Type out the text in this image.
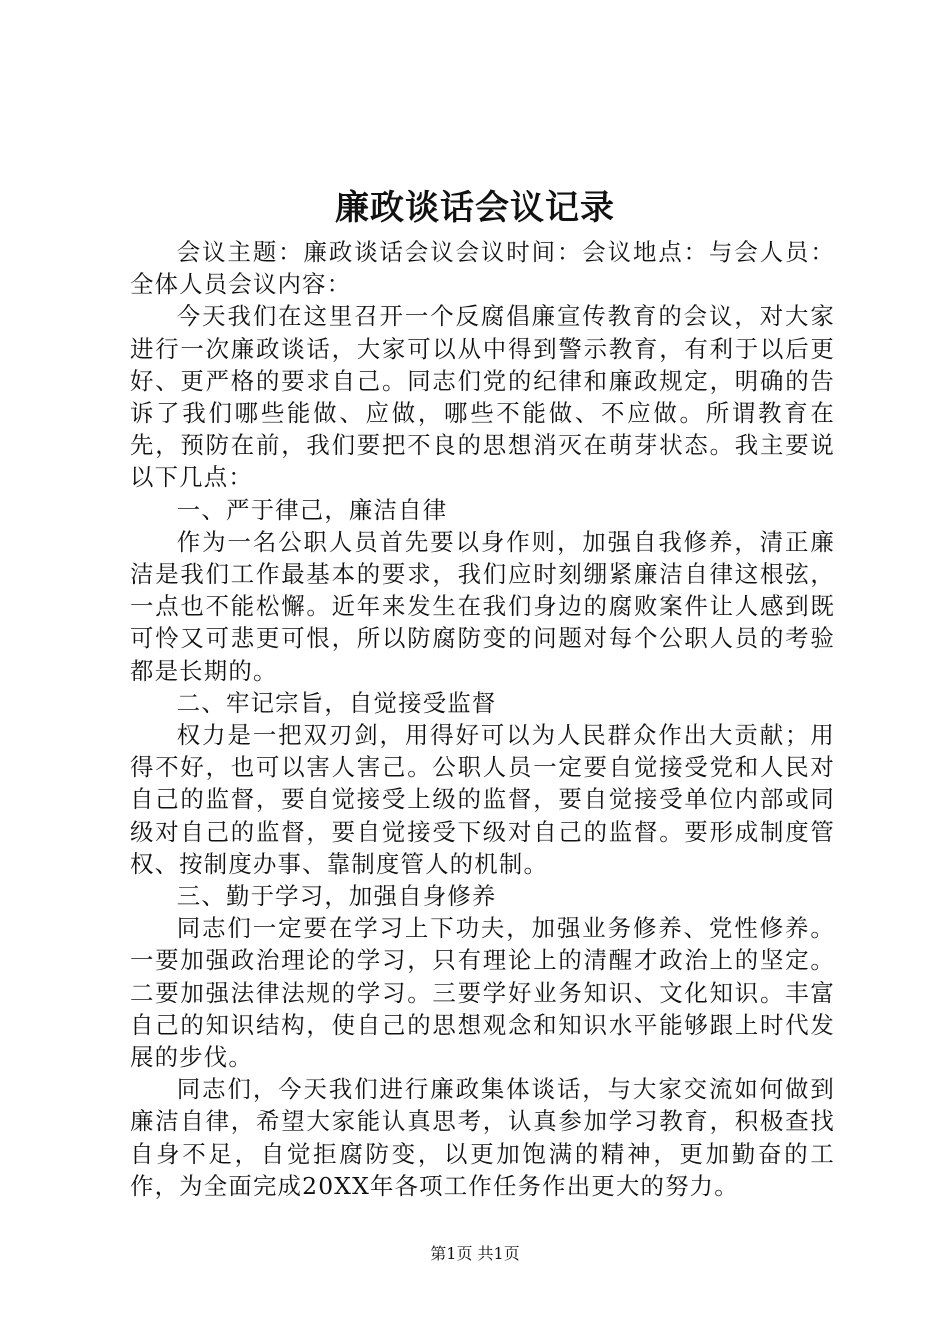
廉政谈话会议记录

会议主题：廉政谈话会议会议时间：会议地点：与会人员：全体人员会议内容：

今天我们在这里召开一个反腐倡廉宣传教育的会议，对大家进行一次廉政谈话，大家可以从中得到警示教育，有利于以后更好、更严格的要求自己。同志们党的纪律和廉政规定，明确的告诉了我们哪些能做、应做，哪些不能做、不应做。所谓教育在先，预防在前，我们要把不良的思想消灭在萌芽状态。我主要说以下几点：

一、严于律己，廉洁自律

作为一名公职人员首先要以身作则，加强自我修养，清正廉洁是我们工作最基本的要求，我们应时刻绷紧廉洁自律这根弦，一点也不能松懈。近年来发生在我们身边的腐败案件让人感到既可怜又可悲更可恨，所以防腐防变的问题对每个公职人员的考验都是长期的。

二、牢记宗旨，自觉接受监督

权力是一把双刃剑，用得好可以为人民群众作出大贡献；用得不好，也可以害人害己。公职人员一定要自觉接受党和人民对自己的监督，要自觉接受上级的监督，要自觉接受单位内部或同级对自己的监督，要自觉接受下级对自己的监督。要形成制度管权、按制度办事、靠制度管人的机制。

三、勤于学习，加强自身修养

同志们一定要在学习上下功夫，加强业务修养、党性修养。一要加强政治理论的学习，只有理论上的清醒才政治上的坚定。二要加强法律法规的学习。三要学好业务知识、文化知识。丰富自己的知识结构，使自己的思想观念和知识水平能够跟上时代发展的步伐。

同志们，今天我们进行廉政集体谈话，与大家交流如何做到廉洁自律，希望大家能认真思考，认真参加学习教育，积极查找自身不足，自觉拒腐防变，以更加饱满的精神，更加勤奋的工作，为全面完成20XX年各项工作任务作出更大的努力。

第1页 共1页
